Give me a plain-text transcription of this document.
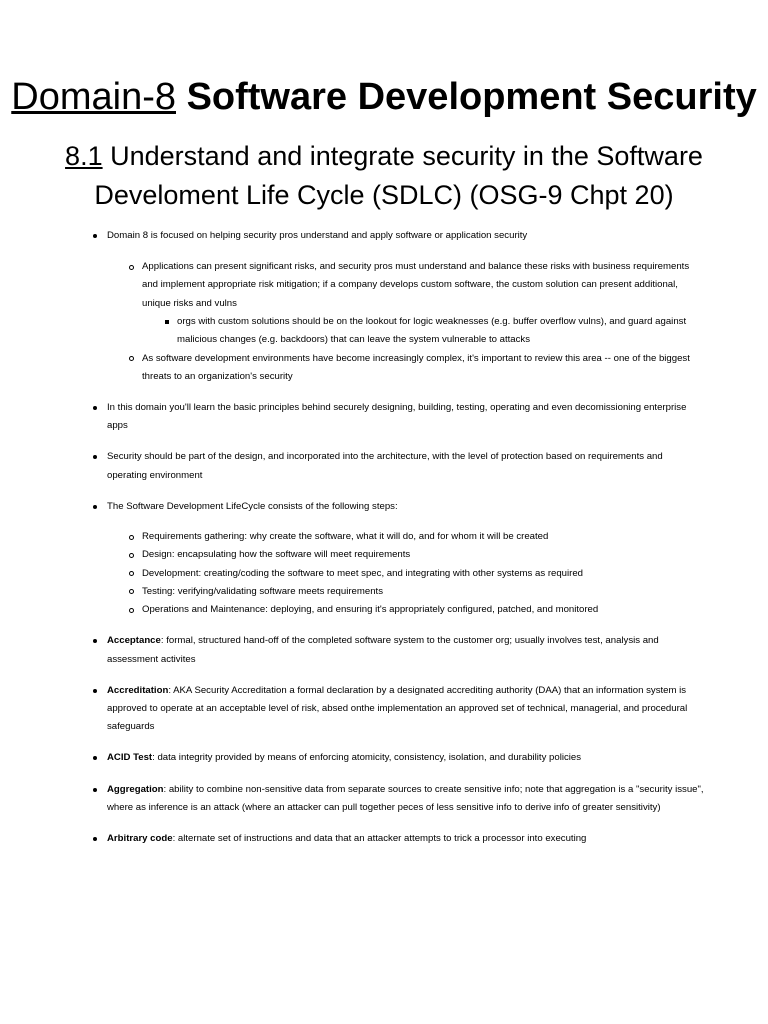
Domain-8 Software Development Security
8.1 Understand and integrate security in the Software Develoment Life Cycle (SDLC) (OSG-9 Chpt 20)
Domain 8 is focused on helping security pros understand and apply software or application security
Applications can present significant risks, and security pros must understand and balance these risks with business requirements and implement appropriate risk mitigation; if a company develops custom software, the custom solution can present additional, unique risks and vulns
orgs with custom solutions should be on the lookout for logic weaknesses (e.g. buffer overflow vulns), and guard against malicious changes (e.g. backdoors) that can leave the system vulnerable to attacks
As software development environments have become increasingly complex, it's important to review this area -- one of the biggest threats to an organization's security
In this domain you'll learn the basic principles behind securely designing, building, testing, operating and even decomissioning enterprise apps
Security should be part of the design, and incorporated into the architecture, with the level of protection based on requirements and operating environment
The Software Development LifeCycle consists of the following steps:
Requirements gathering: why create the software, what it will do, and for whom it will be created
Design: encapsulating how the software will meet requirements
Development: creating/coding the software to meet spec, and integrating with other systems as required
Testing: verifying/validating software meets requirements
Operations and Maintenance: deploying, and ensuring it's appropriately configured, patched, and monitored
Acceptance: formal, structured hand-off of the completed software system to the customer org; usually involves test, analysis and assessment activites
Accreditation: AKA Security Accreditation a formal declaration by a designated accrediting authority (DAA) that an information system is approved to operate at an acceptable level of risk, absed onthe implementation an approved set of technical, managerial, and procedural safeguards
ACID Test: data integrity provided by means of enforcing atomicity, consistency, isolation, and durability policies
Aggregation: ability to combine non-sensitive data from separate sources to create sensitive info; note that aggregation is a "security issue", where as inference is an attack (where an attacker can pull together peces of less sensitive info to derive info of greater sensitivity)
Arbitrary code: alternate set of instructions and data that an attacker attempts to trick a processor into executing
